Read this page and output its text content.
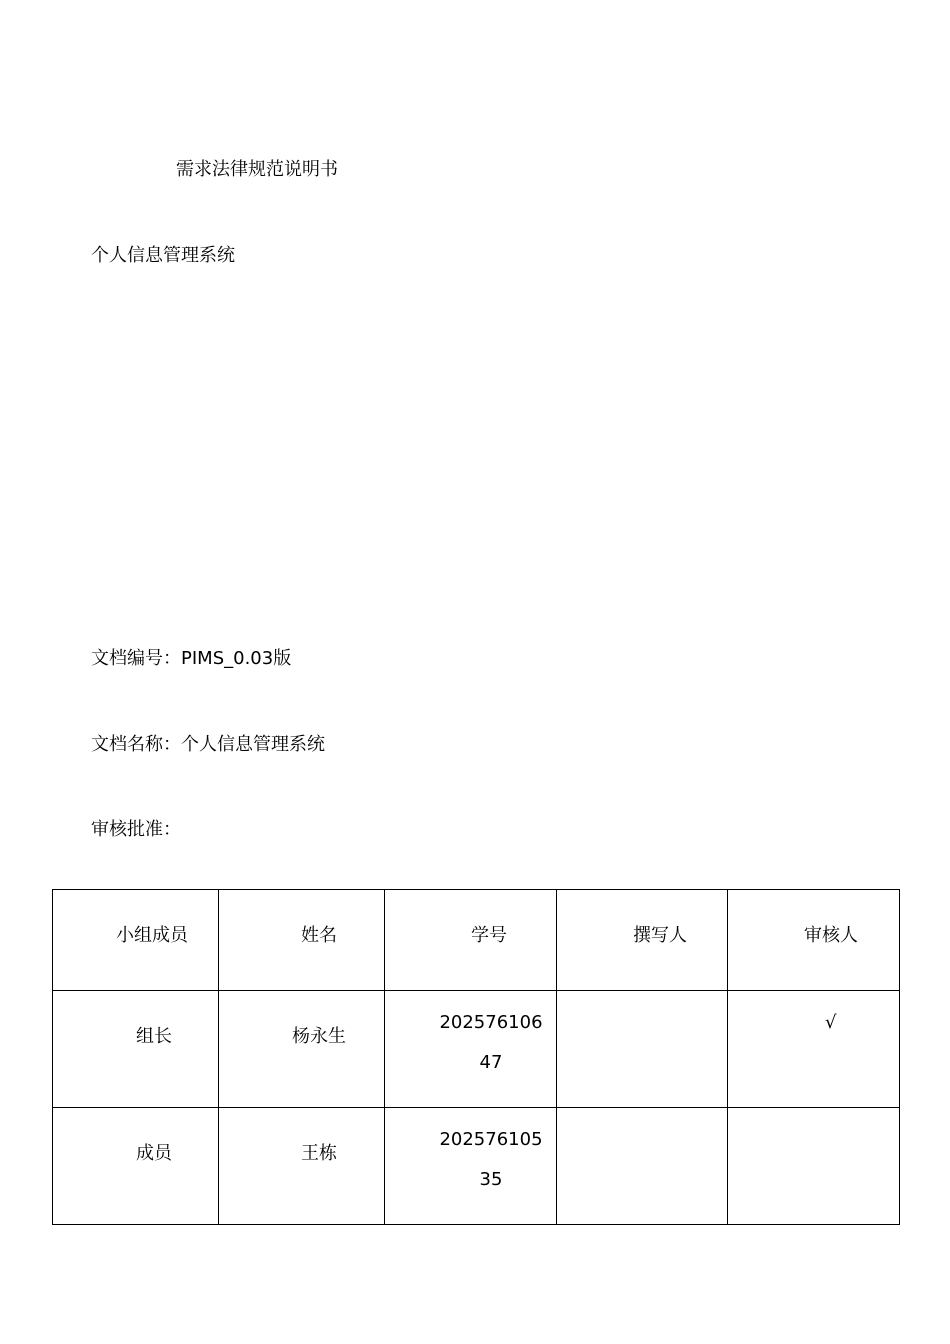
需求法律规范说明书
个人信息管理系统
文档编号：PIMS_0.03版
文档名称：个人信息管理系统
审核批准：
小组成员	姓名	学号	撰写人	审核人

组长	杨永生	20257610647		√

成员	王栋	20257610535		
